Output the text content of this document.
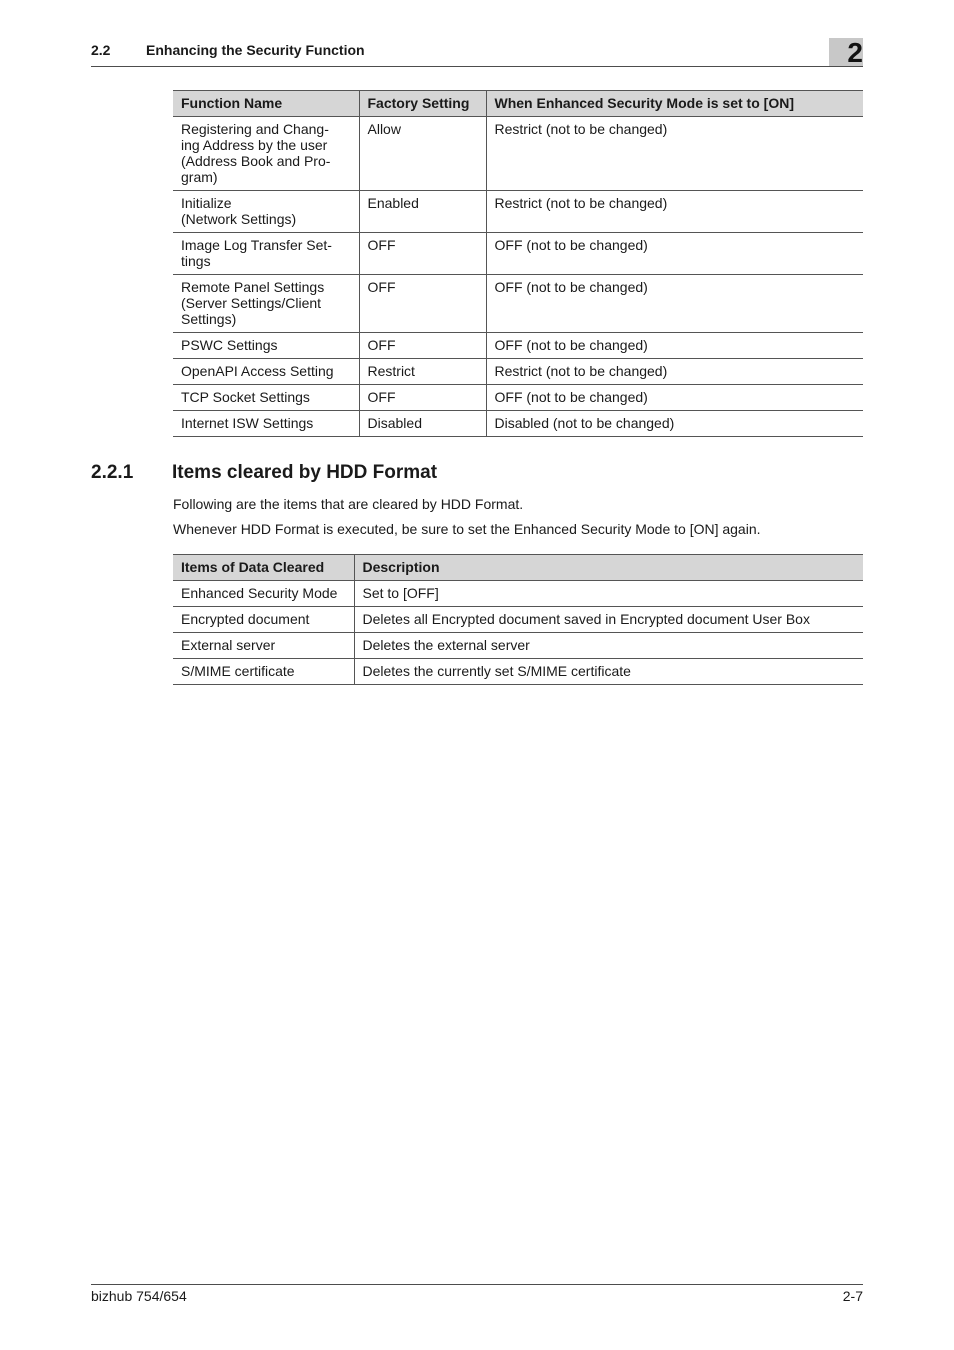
2.2	Enhancing the Security Function	2
Function Name	Factory Setting	When Enhanced Security Mode is set to [ON]
Registering and Chang-
ing Address by the user
(Address Book and Pro-
gram)	Allow	Restrict (not to be changed)
Initialize
(Network Settings)	Enabled	Restrict (not to be changed)
Image Log Transfer Set-
tings	OFF	OFF (not to be changed)
Remote Panel Settings
(Server Settings/Client
Settings)	OFF	OFF (not to be changed)
PSWC Settings	OFF	OFF (not to be changed)
OpenAPI Access Setting	Restrict	Restrict (not to be changed)
TCP Socket Settings	OFF	OFF (not to be changed)
Internet ISW Settings	Disabled	Disabled (not to be changed)
2.2.1 Items cleared by HDD Format
Following are the items that are cleared by HDD Format.
Whenever HDD Format is executed, be sure to set the Enhanced Security Mode to [ON] again.
Items of Data Cleared	Description
Enhanced Security Mode	Set to [OFF]
Encrypted document	Deletes all Encrypted document saved in Encrypted document User Box
External server	Deletes the external server
S/MIME certificate	Deletes the currently set S/MIME certificate
bizhub 754/654	2-7
